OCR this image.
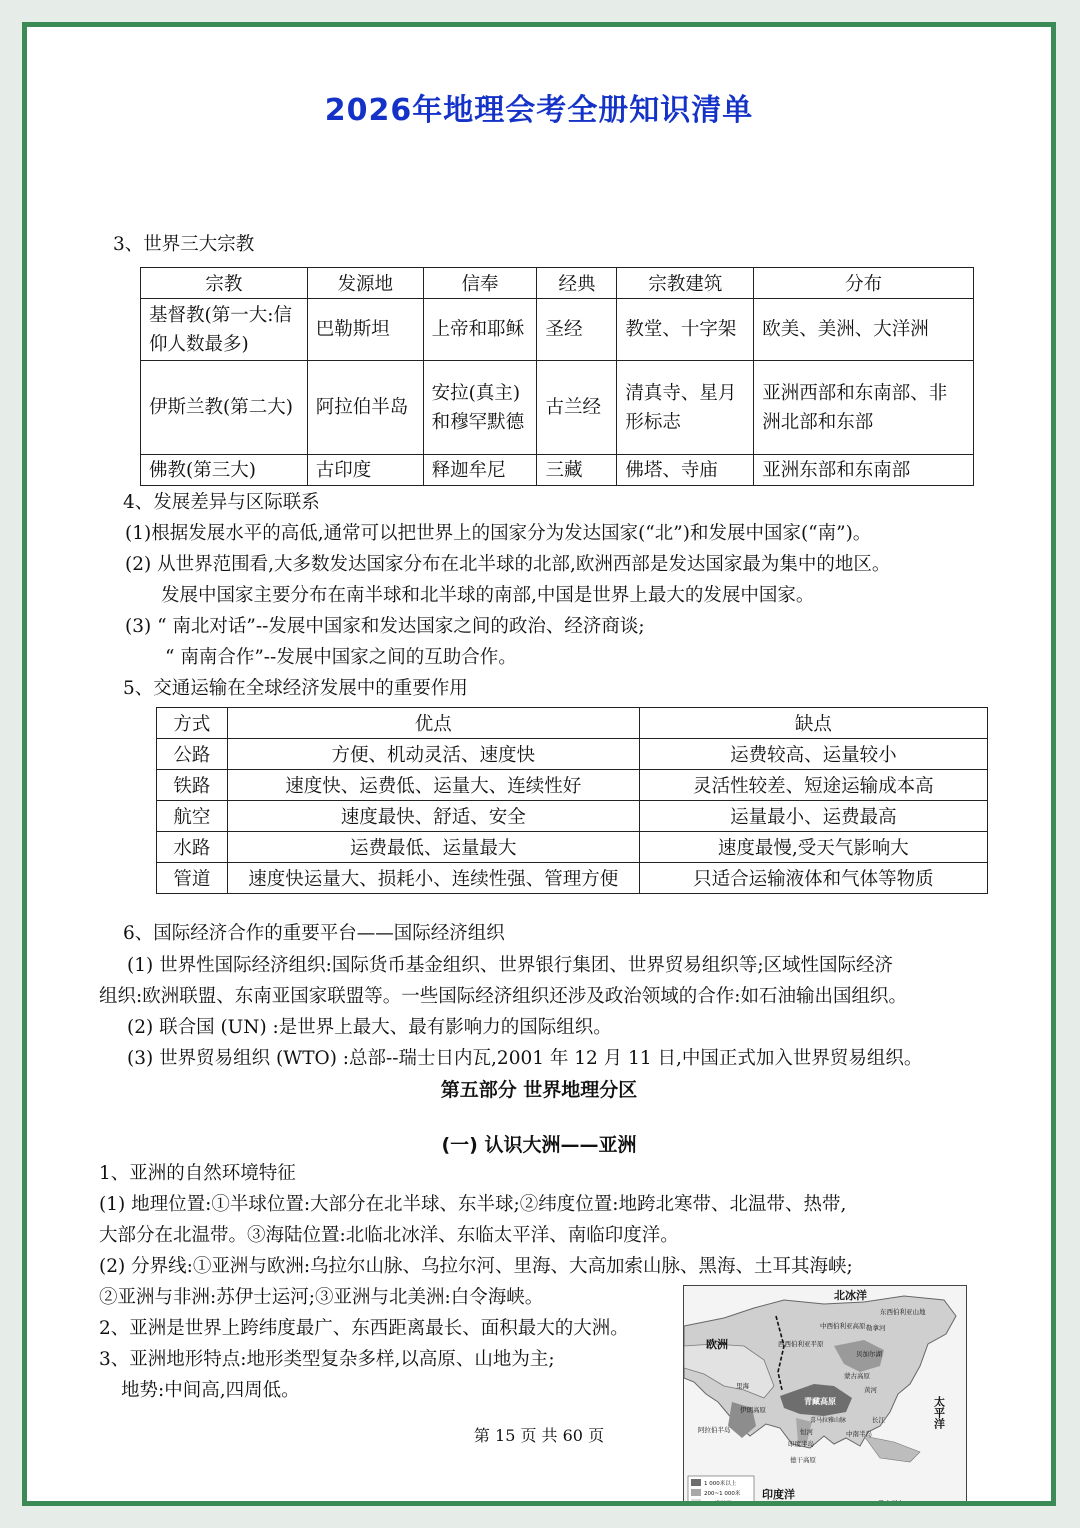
2026年地理会考全册知识清单
3、世界三大宗教
宗教	发源地	信奉	经典	宗教建筑	分布
基督教(第一大:信仰人数最多)	巴勒斯坦	上帝和耶稣	圣经	教堂、十字架	欧美、美洲、大洋洲
伊斯兰教(第二大)	阿拉伯半岛	安拉(真主)和穆罕默德	古兰经	清真寺、星月形标志	亚洲西部和东南部、非洲北部和东部
佛教(第三大)	古印度	释迦牟尼	三藏	佛塔、寺庙	亚洲东部和东南部
4、发展差异与区际联系
(1)根据发展水平的高低,通常可以把世界上的国家分为发达国家(“北”)和发展中国家(“南”)。
(2) 从世界范围看,大多数发达国家分布在北半球的北部,欧洲西部是发达国家最为集中的地区。
发展中国家主要分布在南半球和北半球的南部,中国是世界上最大的发展中国家。
(3) “ 南北对话”--发展中国家和发达国家之间的政治、经济商谈;
“ 南南合作”--发展中国家之间的互助合作。
5、交通运输在全球经济发展中的重要作用
方式	优点	缺点
公路	方便、机动灵活、速度快	运费较高、运量较小
铁路	速度快、运费低、运量大、连续性好	灵活性较差、短途运输成本高
航空	速度最快、舒适、安全	运量最小、运费最高
水路	运费最低、运量最大	速度最慢,受天气影响大
管道	速度快运量大、损耗小、连续性强、管理方便	只适合运输液体和气体等物质
6、国际经济合作的重要平台——国际经济组织
(1) 世界性国际经济组织:国际货币基金组织、世界银行集团、世界贸易组织等;区域性国际经济
组织:欧洲联盟、东南亚国家联盟等。一些国际经济组织还涉及政治领域的合作:如石油输出国组织。
(2) 联合国 (UN) :是世界上最大、最有影响力的国际组织。
(3) 世界贸易组织 (WTO) :总部--瑞士日内瓦,2001 年 12 月 11 日,中国正式加入世界贸易组织。
第五部分 世界地理分区
(一) 认识大洲——亚洲
1、亚洲的自然环境特征
(1) 地理位置:①半球位置:大部分在北半球、东半球;②纬度位置:地跨北寒带、北温带、热带,
大部分在北温带。③海陆位置:北临北冰洋、东临太平洋、南临印度洋。
(2) 分界线:①亚洲与欧洲:乌拉尔山脉、乌拉尔河、里海、大高加索山脉、黑海、土耳其海峡;
②亚洲与非洲:苏伊士运河;③亚洲与北美洲:白令海峡。
2、亚洲是世界上跨纬度最广、东西距离最长、面积最大的大洲。
3、亚洲地形特点:地形类型复杂多样,以高原、山地为主;
地势:中间高,四周低。
北冰洋
太平洋
印度洋
欧洲
东西伯利亚山地
中西伯利亚高原
西西伯利亚平原
勒拿河
贝加尔湖
蒙古高原
青藏高原
伊朗高原
阿拉伯半岛
印度半岛
德干高原
马来群岛
中南半岛
里海	黄河
长江
恒河
喜马拉雅山脉
1 000米以上
200~1 000米
200米以下
第 15 页 共 60 页
